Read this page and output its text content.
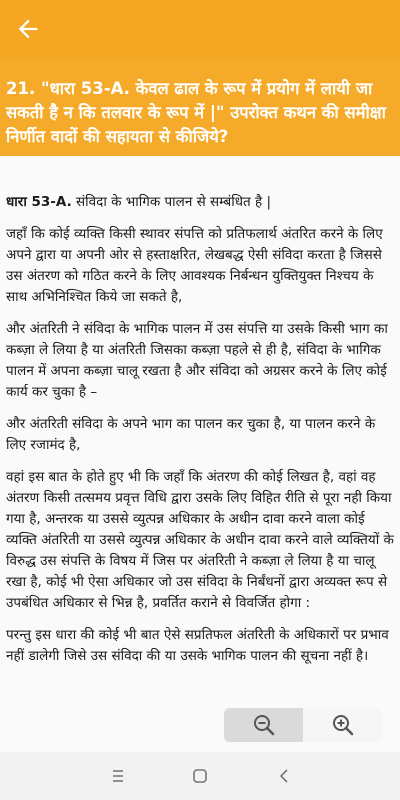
21. "धारा 53-A. केवल ढाल के रूप में प्रयोग में लायी जा सकती है न कि तलवार के रूप में |" उपरोक्त कथन की समीक्षा निर्णीत वादों की सहायता से कीजिये?

धारा 53-A. संविदा के भागिक पालन से सम्बंधित है |

जहाँ कि कोई व्यक्ति किसी स्थावर संपत्ति को प्रतिफलार्थ अंतरित करने के लिए अपने द्वारा या अपनी ओर से हस्ताक्षरित, लेखबद्ध ऐसी संविदा करता है जिससे उस अंतरण को गठित करने के लिए आवश्यक निर्बन्धन युक्तियुक्त निश्चय के साथ अभिनिश्चित किये जा सकते है,

और अंतरिती ने संविदा के भागिक पालन में उस संपत्ति या उसके किसी भाग का कब्ज़ा ले लिया है या अंतरिती जिसका कब्ज़ा पहले से ही है, संविदा के भागिक पालन में अपना कब्ज़ा चालू रखता है और संविदा को अग्रसर करने के लिए कोई कार्य कर चुका है –

और अंतरिती संविदा के अपने भाग का पालन कर चुका है, या पालन करने के लिए रजामंद है,

वहां इस बात के होते हुए भी कि जहाँ कि अंतरण की कोई लिखत है, वहां वह अंतरण किसी तत्समय प्रवृत्त विधि द्वारा उसके लिए विहित रीति से पूरा नही किया गया है, अन्तरक या उससे व्युत्पन्न अधिकार के अधीन दावा करने वाला कोई व्यक्ति अंतरिती या उससे व्युत्पन्न अधिकार के अधीन दावा करने वाले व्यक्तियों के विरुद्ध उस संपत्ति के विषय में जिस पर अंतरिती ने कब्ज़ा ले लिया है या चालू रखा है, कोई भी ऐसा अधिकार जो उस संविदा के निर्बंधनों द्वारा अव्यक्त रूप से उपबंधित अधिकार से भिन्न है, प्रवर्तित कराने से विवर्जित होगा :

परन्तु इस धारा की कोई भी बात ऐसे सप्रतिफल अंतरिती के अधिकारों पर प्रभाव नहीं डालेगी जिसे उस संविदा की या उसके भागिक पालन की सूचना नहीं है।
